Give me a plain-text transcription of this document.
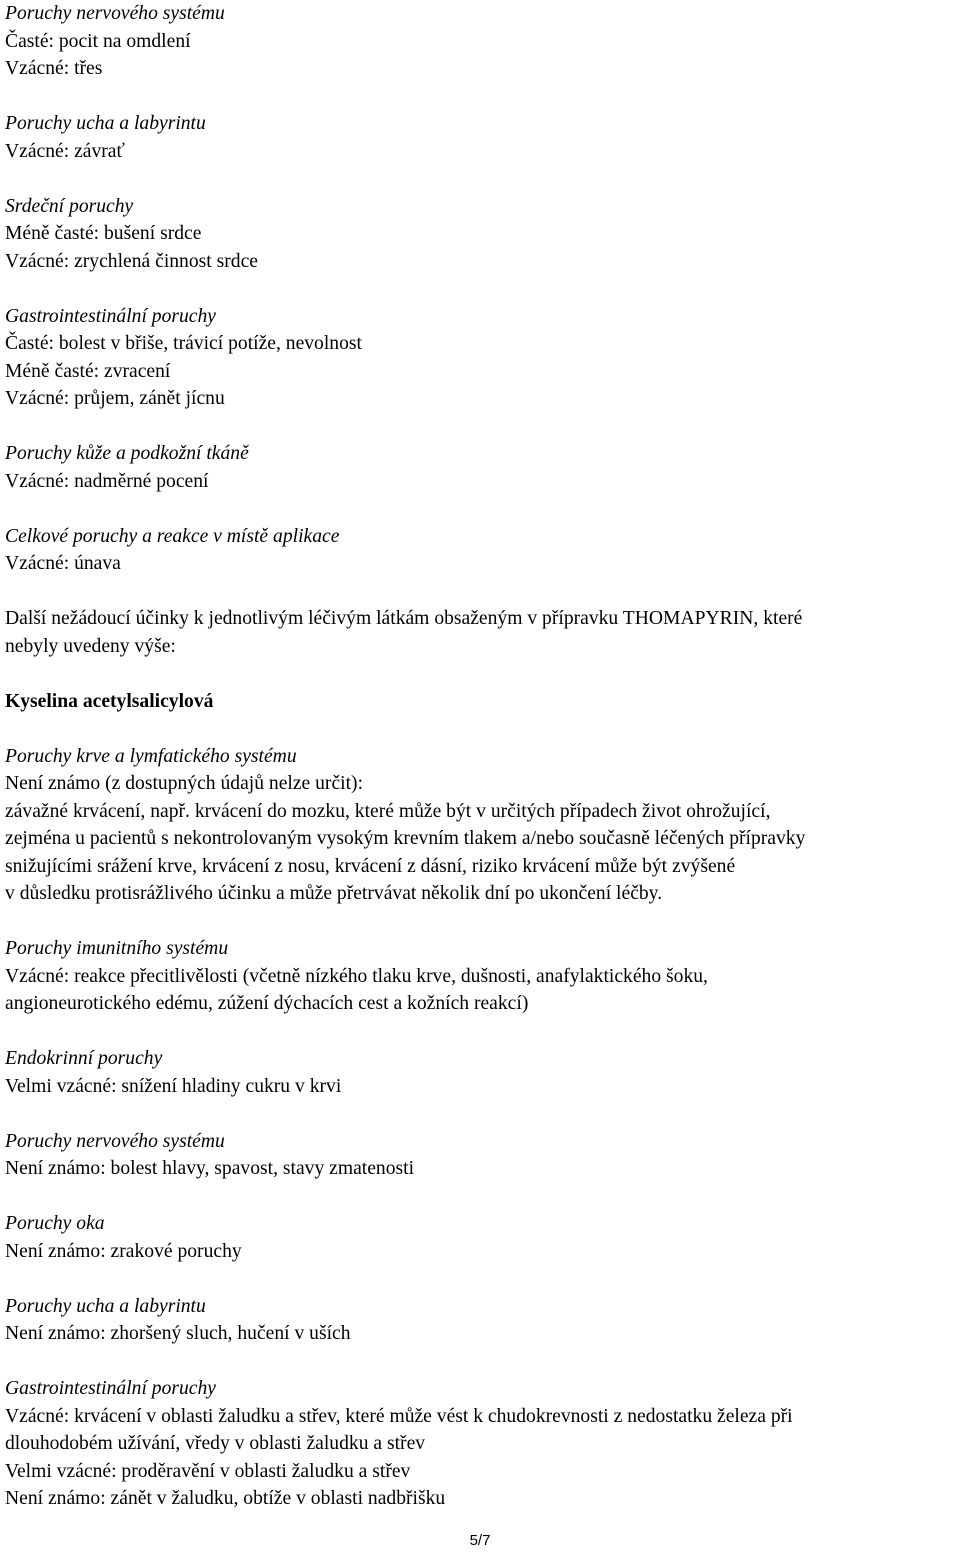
Poruchy nervového systému
Časté: pocit na omdlení
Vzácné: třes
Poruchy ucha a labyrintu
Vzácné: závrať
Srdeční poruchy
Méně časté: bušení srdce
Vzácné: zrychlená činnost srdce
Gastrointestinální poruchy
Časté: bolest v břiše, trávicí potíže, nevolnost
Méně časté: zvracení
Vzácné: průjem, zánět jícnu
Poruchy kůže a podkožní tkáně
Vzácné: nadměrné pocení
Celkové poruchy a reakce v místě aplikace
Vzácné: únava
Další nežádoucí účinky k jednotlivým léčivým látkám obsaženým v přípravku THOMAPYRIN, které
nebyly uvedeny výše:
Kyselina acetylsalicylová
Poruchy krve a lymfatického systému
Není známo (z dostupných údajů nelze určit):
závažné krvácení, např. krvácení do mozku, které může být v určitých případech život ohrožující,
zejména u pacientů s nekontrolovaným vysokým krevním tlakem a/nebo současně léčených přípravky
snižujícími srážení krve, krvácení z nosu, krvácení z dásní, riziko krvácení může být zvýšené
v důsledku protisrážlivého účinku a může přetrvávat několik dní po ukončení léčby.
Poruchy imunitního systému
Vzácné: reakce přecitlivělosti (včetně nízkého tlaku krve, dušnosti, anafylaktického šoku,
angioneurotického edému, zúžení dýchacích cest a kožních reakcí)
Endokrinní poruchy
Velmi vzácné: snížení hladiny cukru v krvi
Poruchy nervového systému
Není známo: bolest hlavy, spavost, stavy zmatenosti
Poruchy oka
Není známo: zrakové poruchy
Poruchy ucha a labyrintu
Není známo: zhoršený sluch, hučení v uších
Gastrointestinální poruchy
Vzácné: krvácení v oblasti žaludku a střev, které může vést k chudokrevnosti z nedostatku železa při
dlouhodobém užívání, vředy v oblasti žaludku a střev
Velmi vzácné: proděravění v oblasti žaludku a střev
Není známo: zánět v žaludku, obtíže v oblasti nadbřišku
5/7
